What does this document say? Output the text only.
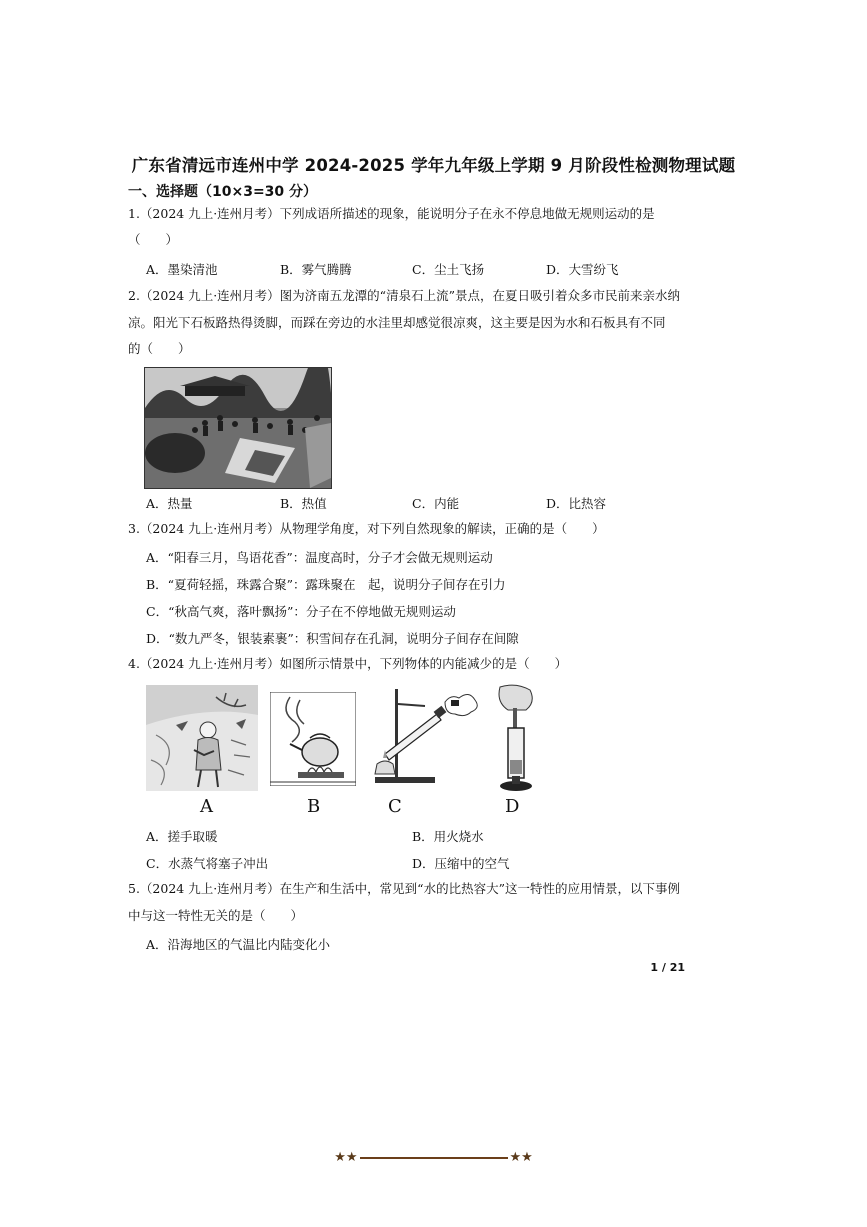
广东省清远市连州中学 2024-2025 学年九年级上学期 9 月阶段性检测物理试题
一、选择题（10×3=30 分）
1.（2024 九上·连州月考）下列成语所描述的现象，能说明分子在永不停息地做无规则运动的是
（　　）
A．墨染清池	B．雾气腾腾	C．尘土飞扬	D．大雪纷飞
2.（2024 九上·连州月考）图为济南五龙潭的“清泉石上流”景点，在夏日吸引着众多市民前来亲水纳
凉。阳光下石板路热得烫脚，而踩在旁边的水洼里却感觉很凉爽，这主要是因为水和石板具有不同
的（　　）
A．热量	B．热值	C．内能	D．比热容
3.（2024 九上·连州月考）从物理学角度，对下列自然现象的解读，正确的是（　　）
A．“阳春三月，鸟语花香”：温度高时，分子才会做无规则运动
B．“夏荷轻摇，珠露合聚”：露珠聚在　起，说明分子间存在引力
C．“秋高气爽，落叶飘扬”：分子在不停地做无规则运动
D．“数九严冬，银装素裹”：积雪间存在孔洞，说明分子间存在间隙
4.（2024 九上·连州月考）如图所示情景中，下列物体的内能减少的是（　　）
A	B	C	D
A．搓手取暖	B．用火烧水
C．水蒸气将塞子冲出	D．压缩中的空气
5.（2024 九上·连州月考）在生产和生活中，常见到“水的比热容大”这一特性的应用情景，以下事例
中与这一特性无关的是（　　）
A．沿海地区的气温比内陆变化小
1 / 21
★★	★★
